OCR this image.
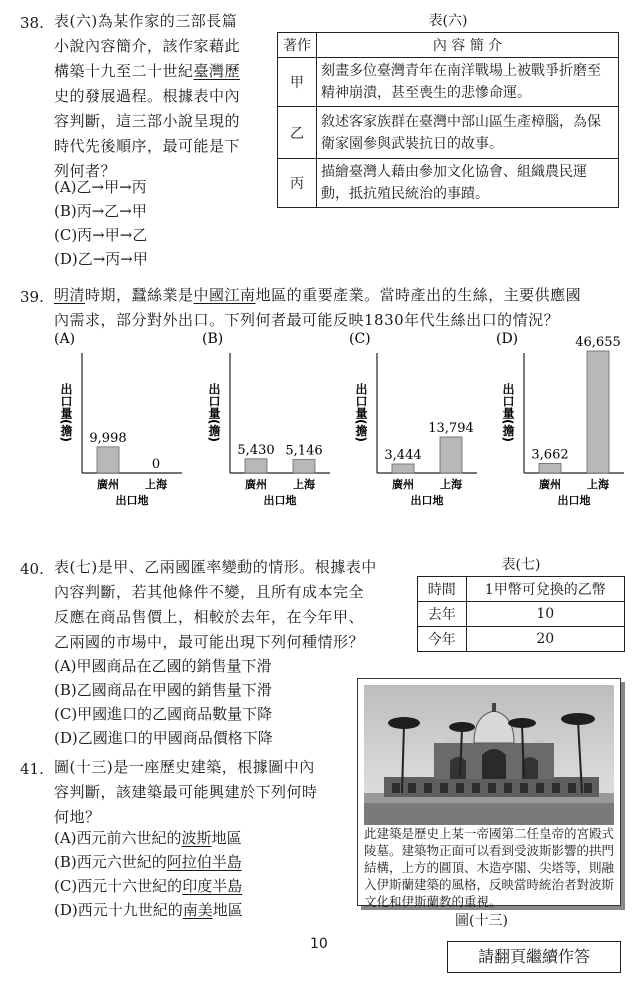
38. 表(六)為某作家的三部長篇
小說內容簡介，該作家藉此
構築十九至二十世紀臺灣歷
史的發展過程。根據表中內
容判斷，這三部小說呈現的
時代先後順序，最可能是下
列何者？
(A)乙→甲→丙
(B)丙→乙→甲
(C)丙→甲→乙
(D)乙→丙→甲
表(六)
著作	內 容 簡 介
甲	刻畫多位臺灣青年在南洋戰場上被戰爭折磨至精神崩潰，甚至喪生的悲慘命運。
乙	敘述客家族群在臺灣中部山區生產樟腦，為保衛家園參與武裝抗日的故事。
丙	描繪臺灣人藉由參加文化協會、組織農民運動，抵抗殖民統治的事蹟。
39. 明清時期，蠶絲業是中國江南地區的重要產業。當時產出的生絲，主要供應國
內需求，部分對外出口。下列何者最可能反映1830年代生絲出口的情況？
(A)
出口量(擔) 9,998
廣州
0
上海
出口地
(B)
出口量(擔)
5,430
廣州
5,146
上海
出口地
(C)
出口量(擔)
3,444
廣州
13,794
上海
出口地
(D)
出口量(擔)
3,662
廣州
46,655
上海
出口地
40. 表(七)是甲、乙兩國匯率變動的情形。根據表中
內容判斷，若其他條件不變，且所有成本完全
反應在商品售價上，相較於去年，在今年甲、
乙兩國的市場中，最可能出現下列何種情形？
(A)甲國商品在乙國的銷售量下滑
(B)乙國商品在甲國的銷售量下滑
(C)甲國進口的乙國商品數量下降
(D)乙國進口的甲國商品價格下降
表(七)
時間	1甲幣可兌換的乙幣
去年	10
今年	20
41. 圖(十三)是一座歷史建築，根據圖中內
容判斷，該建築最可能興建於下列何時
何地？
(A)西元前六世紀的波斯地區
(B)西元六世紀的阿拉伯半島
(C)西元十六世紀的印度半島
(D)西元十九世紀的南美地區
此建築是歷史上某一帝國第二任皇帝的宮殿式陵墓。建築物正面可以看到受波斯影響的拱門結構，上方的圓頂、木造亭閣、尖塔等，則融入伊斯蘭建築的風格，反映當時統治者對波斯文化和伊斯蘭教的重視。
圖(十三)
10
請翻頁繼續作答
